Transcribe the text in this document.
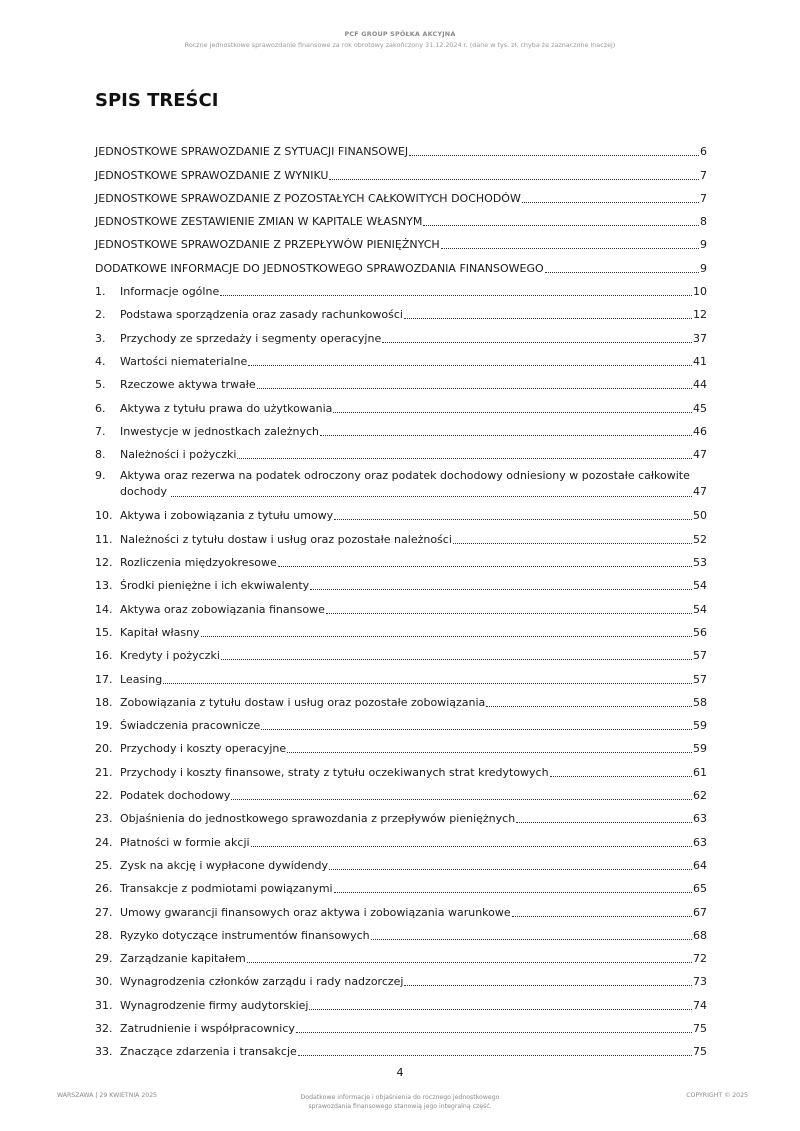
PCF GROUP SPÓŁKA AKCYJNA
Roczne jednostkowe sprawozdanie finansowe za rok obrotowy zakończony 31.12.2024 r. (dane w tys. zł, chyba że zaznaczone inaczej)
SPIS TREŚCI
JEDNOSTKOWE SPRAWOZDANIE Z SYTUACJI FINANSOWEJ	6
JEDNOSTKOWE SPRAWOZDANIE Z WYNIKU	7
JEDNOSTKOWE SPRAWOZDANIE Z POZOSTAŁYCH CAŁKOWITYCH DOCHODÓW	7
JEDNOSTKOWE ZESTAWIENIE ZMIAN W KAPITALE WŁASNYM	8
JEDNOSTKOWE SPRAWOZDANIE Z PRZEPŁYWÓW PIENIĘŻNYCH	9
DODATKOWE INFORMACJE DO JEDNOSTKOWEGO SPRAWOZDANIA FINANSOWEGO	9
1.	Informacje ogólne	10
2.	Podstawa sporządzenia oraz zasady rachunkowości	12
3.	Przychody ze sprzedaży i segmenty operacyjne	37
4.	Wartości niematerialne	41
5.	Rzeczowe aktywa trwałe	44
6.	Aktywa z tytułu prawa do użytkowania	45
7.	Inwestycje w jednostkach zależnych	46
8.	Należności i pożyczki	47
9.	Aktywa oraz rezerwa na podatek odroczony oraz podatek dochodowy odniesiony w pozostałe całkowite
dochody	47
10. Aktywa i zobowiązania z tytułu umowy	50
11. Należności z tytułu dostaw i usług oraz pozostałe należności	52
12. Rozliczenia międzyokresowe	53
13. Środki pieniężne i ich ekwiwalenty	54
14. Aktywa oraz zobowiązania finansowe	54
15. Kapitał własny	56
16. Kredyty i pożyczki	57
17. Leasing	57
18. Zobowiązania z tytułu dostaw i usług oraz pozostałe zobowiązania	58
19. Świadczenia pracownicze	59
20. Przychody i koszty operacyjne	59
21. Przychody i koszty finansowe, straty z tytułu oczekiwanych strat kredytowych	61
22. Podatek dochodowy	62
23. Objaśnienia do jednostkowego sprawozdania z przepływów pieniężnych	63
24. Płatności w formie akcji	63
25. Zysk na akcję i wypłacone dywidendy	64
26. Transakcje z podmiotami powiązanymi	65
27. Umowy gwarancji finansowych oraz aktywa i zobowiązania warunkowe	67
28. Ryzyko dotyczące instrumentów finansowych	68
29. Zarządzanie kapitałem	72
30. Wynagrodzenia członków zarządu i rady nadzorczej	73
31. Wynagrodzenie firmy audytorskiej	74
32. Zatrudnienie i współpracownicy	75
33. Znaczące zdarzenia i transakcje	75
4
WARSZAWA | 29 KWIETNIA 2025	Dodatkowe informacje i objaśnienia do rocznego jednostkowego
sprawozdania finansowego stanowią jego integralną część.
COPYRIGHT © 2025
